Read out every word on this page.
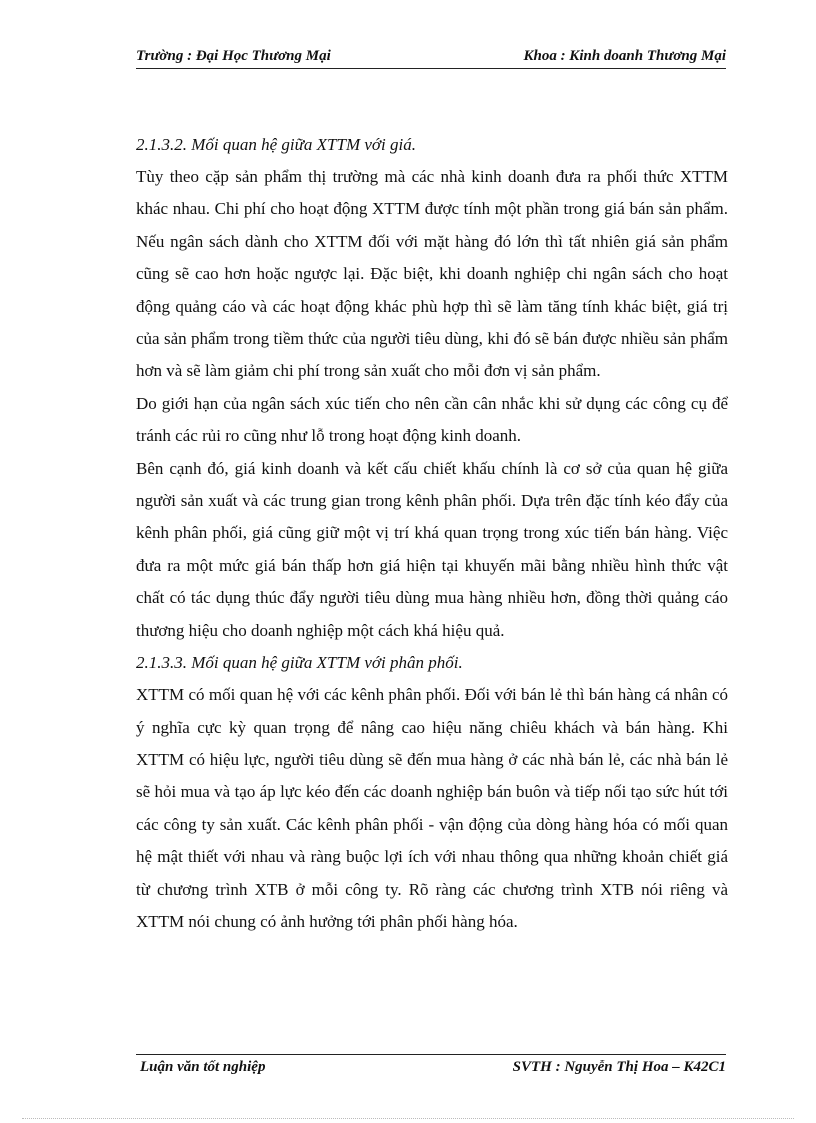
Trường : Đại Học Thương Mại	Khoa : Kinh doanh Thương Mại
2.1.3.2. Mối quan hệ giữa XTTM với giá.

Tùy theo cặp sản phẩm thị trường mà các nhà kinh doanh đưa ra phối thức XTTM khác nhau. Chi phí cho hoạt động XTTM được tính một phần trong giá bán sản phẩm. Nếu ngân sách dành cho XTTM đối với mặt hàng đó lớn thì tất nhiên giá sản phẩm cũng sẽ cao hơn hoặc ngược lại. Đặc biệt, khi doanh nghiệp chi ngân sách cho hoạt động quảng cáo và các hoạt động khác phù hợp thì sẽ làm tăng tính khác biệt, giá trị của sản phẩm trong tiềm thức của người tiêu dùng, khi đó sẽ bán được nhiều sản phẩm hơn và sẽ làm giảm chi phí trong sản xuất cho mỗi đơn vị sản phẩm.

Do giới hạn của ngân sách xúc tiến cho nên cần cân nhắc khi sử dụng các công cụ để tránh các rủi ro cũng như lỗ trong hoạt động kinh doanh.

Bên cạnh đó, giá kinh doanh và kết cấu chiết khấu chính là cơ sở của quan hệ giữa người sản xuất và các trung gian trong kênh phân phối. Dựa trên đặc tính kéo đẩy của kênh phân phối, giá cũng giữ một vị trí khá quan trọng trong xúc tiến bán hàng. Việc đưa ra một mức giá bán thấp hơn giá hiện tại khuyến mãi bằng nhiều hình thức vật chất có tác dụng thúc đẩy người tiêu dùng mua hàng nhiều hơn, đồng thời quảng cáo thương hiệu cho doanh nghiệp một cách khá hiệu quả.

2.1.3.3. Mối quan hệ giữa XTTM với phân phối.

XTTM có mối quan hệ với các kênh phân phối. Đối với bán lẻ thì bán hàng cá nhân có ý nghĩa cực kỳ quan trọng để nâng cao hiệu năng chiêu khách và bán hàng. Khi XTTM có hiệu lực, người tiêu dùng sẽ đến mua hàng ở các nhà bán lẻ, các nhà bán lẻ sẽ hỏi mua và tạo áp lực kéo đến các doanh nghiệp bán buôn và tiếp nối tạo sức hút tới các công ty sản xuất. Các kênh phân phối - vận động của dòng hàng hóa có mối quan hệ mật thiết với nhau và ràng buộc lợi ích với nhau thông qua những khoản chiết giá từ chương trình XTB ở mỗi công ty. Rõ ràng các chương trình XTB nói riêng và XTTM nói chung có ảnh hưởng tới phân phối hàng hóa.

Luận văn tốt nghiệp	SVTH : Nguyễn Thị Hoa – K42C1
